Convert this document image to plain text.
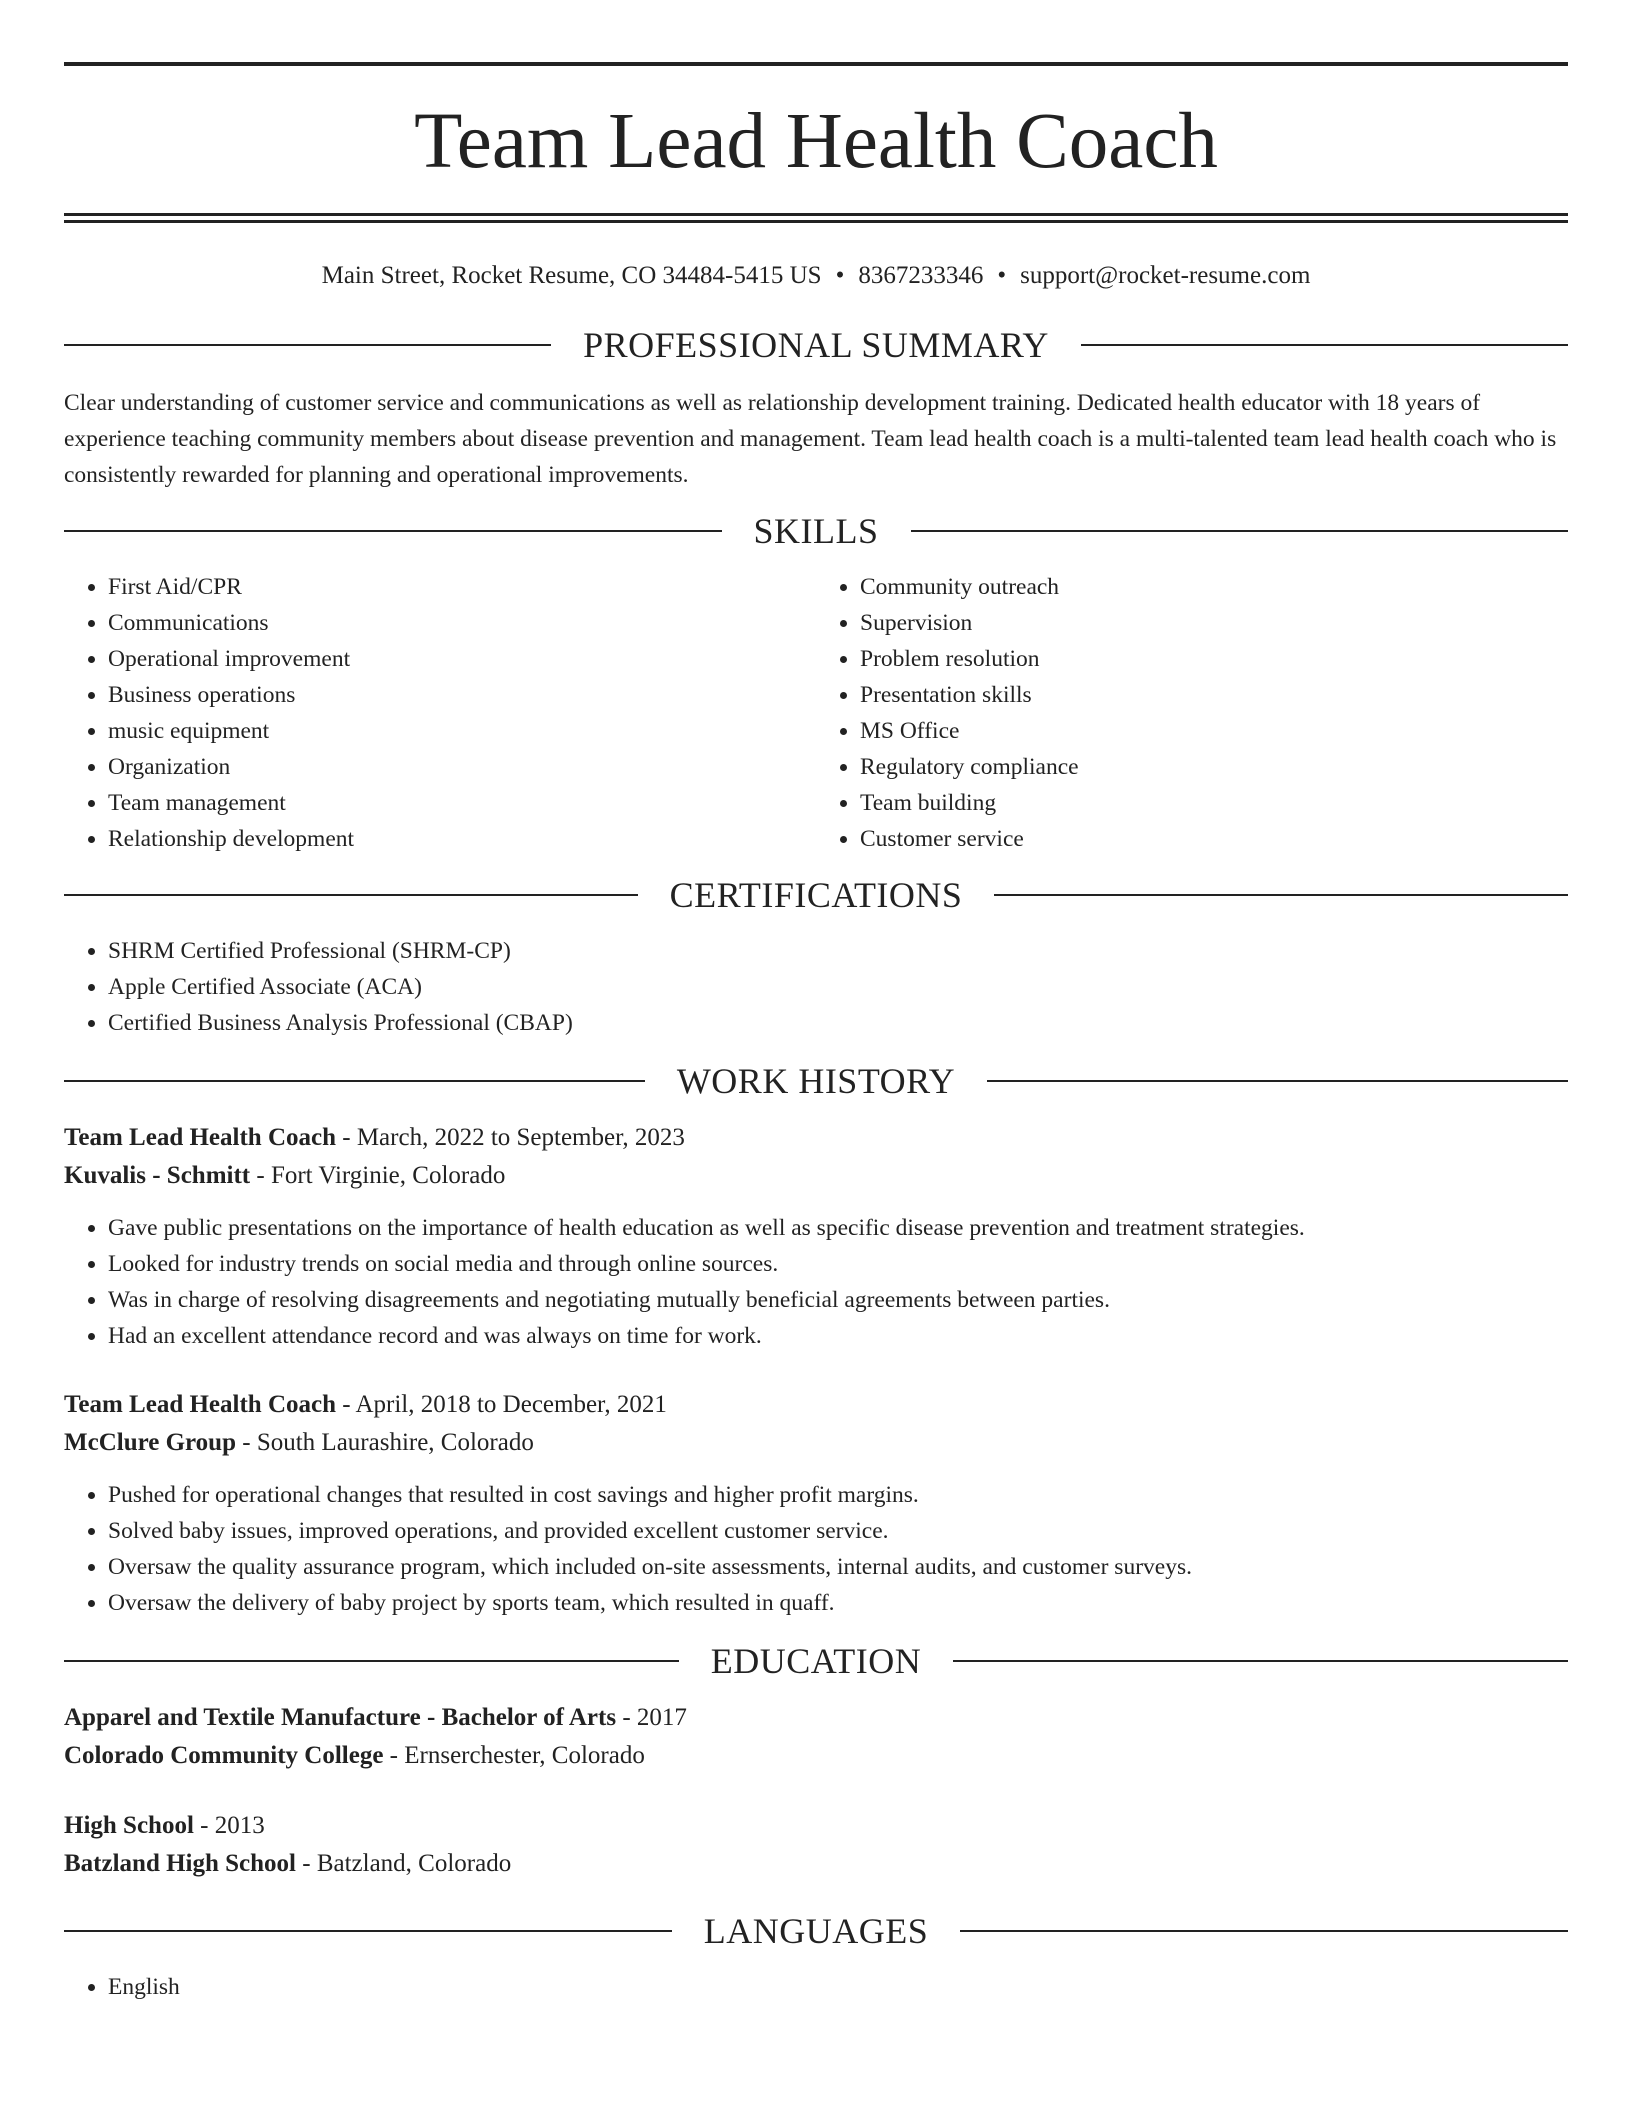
Team Lead Health Coach
Main Street, Rocket Resume, CO 34484-5415 US • 8367233346 • support@rocket-resume.com
PROFESSIONAL SUMMARY

Clear understanding of customer service and communications as well as relationship development training. Dedicated health educator with 18 years of experience teaching community members about disease prevention and management. Team lead health coach is a multi-talented team lead health coach who is consistently rewarded for planning and operational improvements.

SKILLS
• First Aid/CPR
• Communications
• Operational improvement
• Business operations
• music equipment
• Organization
• Team management
• Relationship development
• Community outreach
• Supervision
• Problem resolution
• Presentation skills
• MS Office
• Regulatory compliance
• Team building
• Customer service
CERTIFICATIONS
• SHRM Certified Professional (SHRM-CP)
• Apple Certified Associate (ACA)
• Certified Business Analysis Professional (CBAP)
WORK HISTORY
Team Lead Health Coach - March, 2022 to September, 2023
Kuvalis - Schmitt - Fort Virginie, Colorado
• Gave public presentations on the importance of health education as well as specific disease prevention and treatment strategies.
• Looked for industry trends on social media and through online sources.
• Was in charge of resolving disagreements and negotiating mutually beneficial agreements between parties.
• Had an excellent attendance record and was always on time for work.
Team Lead Health Coach - April, 2018 to December, 2021
McClure Group - South Laurashire, Colorado
• Pushed for operational changes that resulted in cost savings and higher profit margins.
• Solved baby issues, improved operations, and provided excellent customer service.
• Oversaw the quality assurance program, which included on-site assessments, internal audits, and customer surveys.
• Oversaw the delivery of baby project by sports team, which resulted in quaff.
EDUCATION
Apparel and Textile Manufacture - Bachelor of Arts - 2017
Colorado Community College - Ernserchester, Colorado
High School - 2013
Batzland High School - Batzland, Colorado
LANGUAGES
• English
